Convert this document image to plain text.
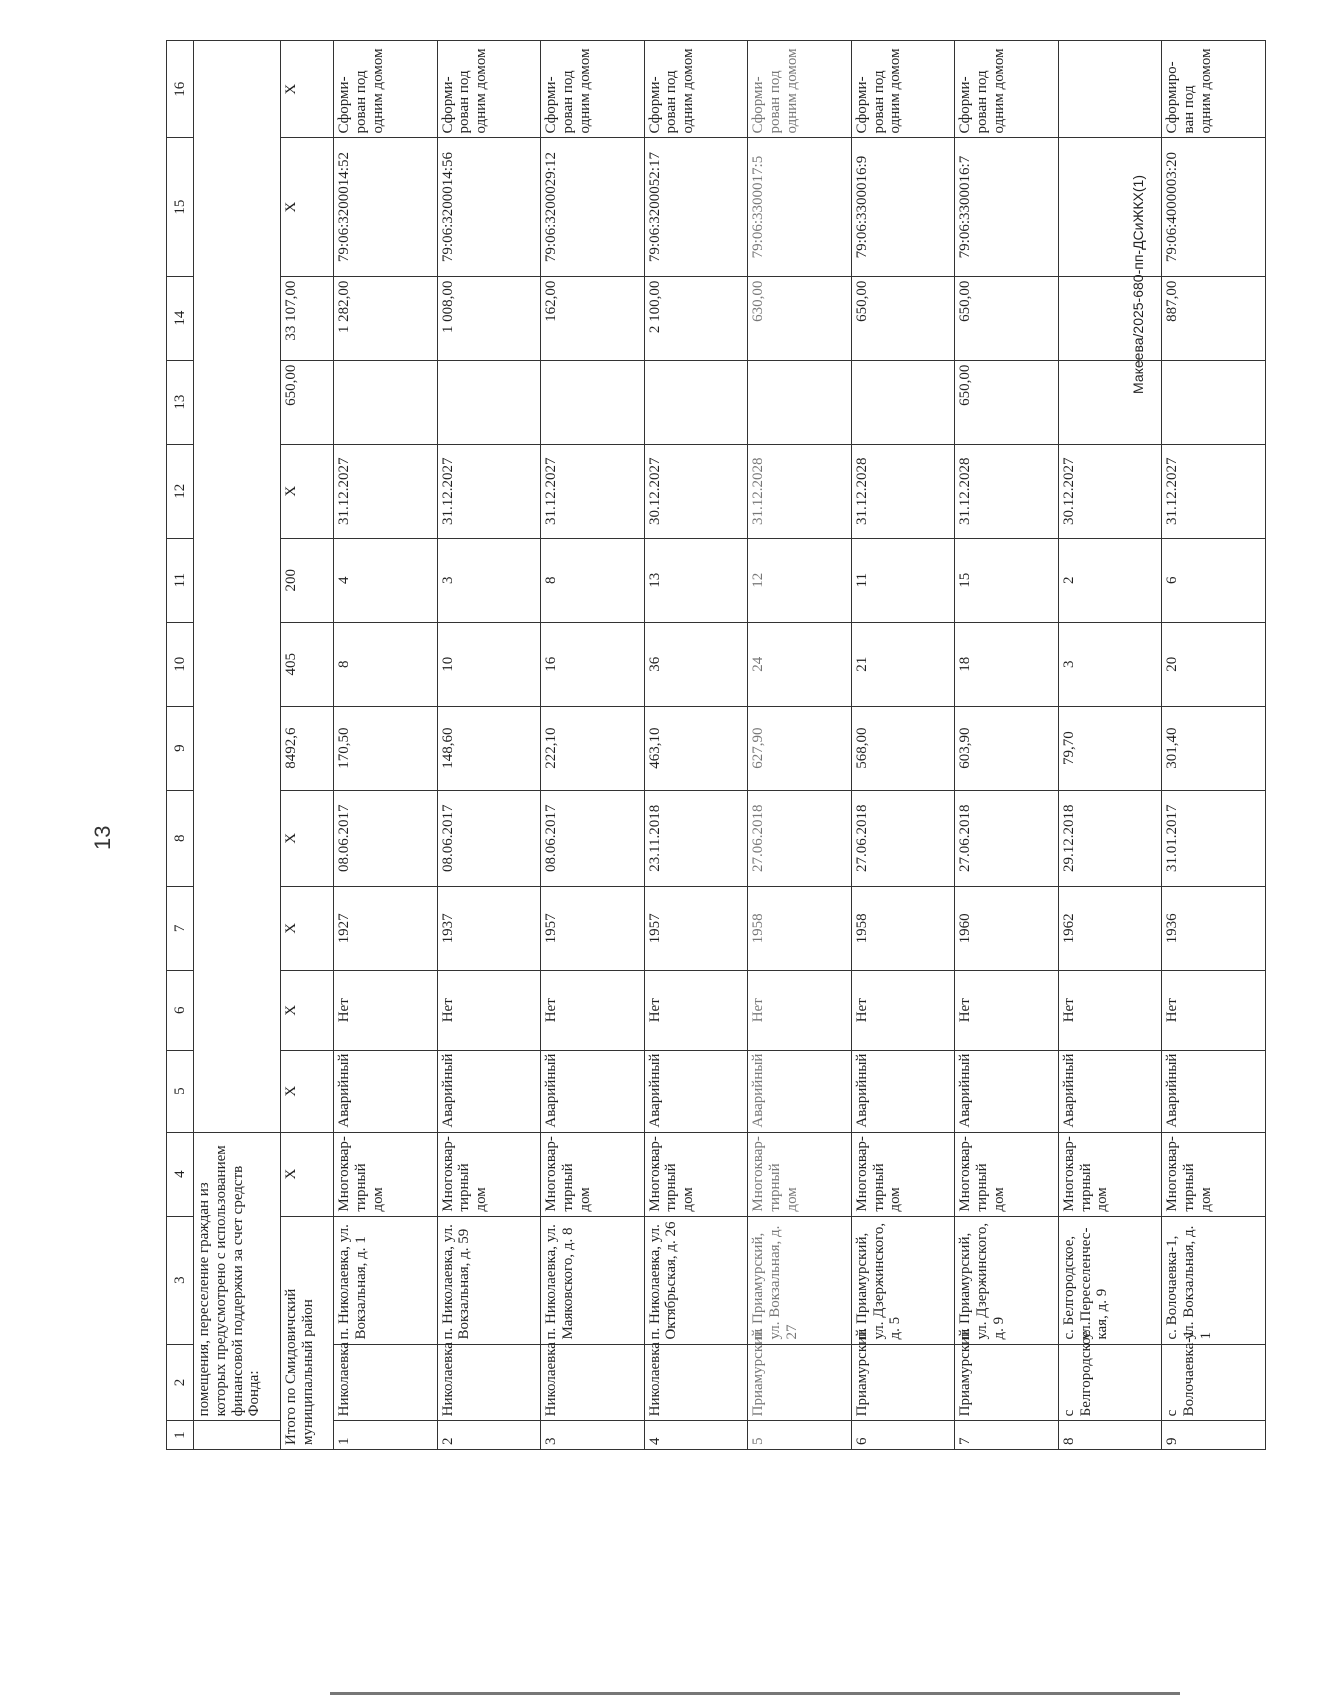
13
1	2	3	4	5	6	7	8	9	10	11	12	13	14	15	16
	помещения, переселение граждан из которых предусмотрено с использованием финансовой поддержки за счет средств Фонда:														
Итого по Смидовичский муниципальный район			Х	Х	Х	Х	Х	8492,6	405	200	Х	650,00	33 107,00	Х	Х
1	Николаевка	п. Николаевка, ул. Вокзальная, д. 1	Многоквар-тирный дом	Аварийный	Нет	1927	08.06.2017	170,50	8	4	31.12.2027		1 282,00	79:06:3200014:52	Сформи-рован под одним домом
2	Николаевка	п. Николаевка, ул. Вокзальная, д. 59	Многоквар-тирный дом	Аварийный	Нет	1937	08.06.2017	148,60	10	3	31.12.2027		1 008,00	79:06:3200014:56	Сформи-рован под одним домом
3	Николаевка	п. Николаевка, ул. Маяковского, д. 8	Многоквар-тирный дом	Аварийный	Нет	1957	08.06.2017	222,10	16	8	31.12.2027		162,00	79:06:3200029:12	Сформи-рован под одним домом
4	Николаевка	п. Николаевка, ул. Октябрьская, д. 26	Многоквар-тирный дом	Аварийный	Нет	1957	23.11.2018	463,10	36	13	30.12.2027		2 100,00	79:06:3200052:17	Сформи-рован под одним домом
5	Приамурский	п. Приамурский, ул. Вокзальная, д. 27	Многоквар-тирный дом	Аварийный	Нет	1958	27.06.2018	627,90	24	12	31.12.2028		630,00	79:06:3300017:5	Сформи-рован под одним домом
6	Приамурский	п. Приамурский, ул. Дзержинского, д. 5	Многоквар-тирный дом	Аварийный	Нет	1958	27.06.2018	568,00	21	11	31.12.2028		650,00	79:06:3300016:9	Сформи-рован под одним домом
7	Приамурский	п. Приамурский, ул. Дзержинского, д. 9	Многоквар-тирный дом	Аварийный	Нет	1960	27.06.2018	603,90	18	15	31.12.2028	650,00	650,00	79:06:3300016:7	Сформи-рован под одним домом
8	с Белгородское	с. Белгородское, ул.Переселенчес-кая, д. 9	Многоквар-тирный дом	Аварийный	Нет	1962	29.12.2018	79,70	3	2	30.12.2027				
9	с Волочаевка-1	с. Волочаевка-1, ул. Вокзальная, д. 1	Многоквар-тирный дом	Аварийный	Нет	1936	31.01.2017	301,40	20	6	31.12.2027		887,00	79:06:4000003:20	Сформиро-ван под одним домом
Макеева/2025-680-пп-ДСиЖКХ(1)
